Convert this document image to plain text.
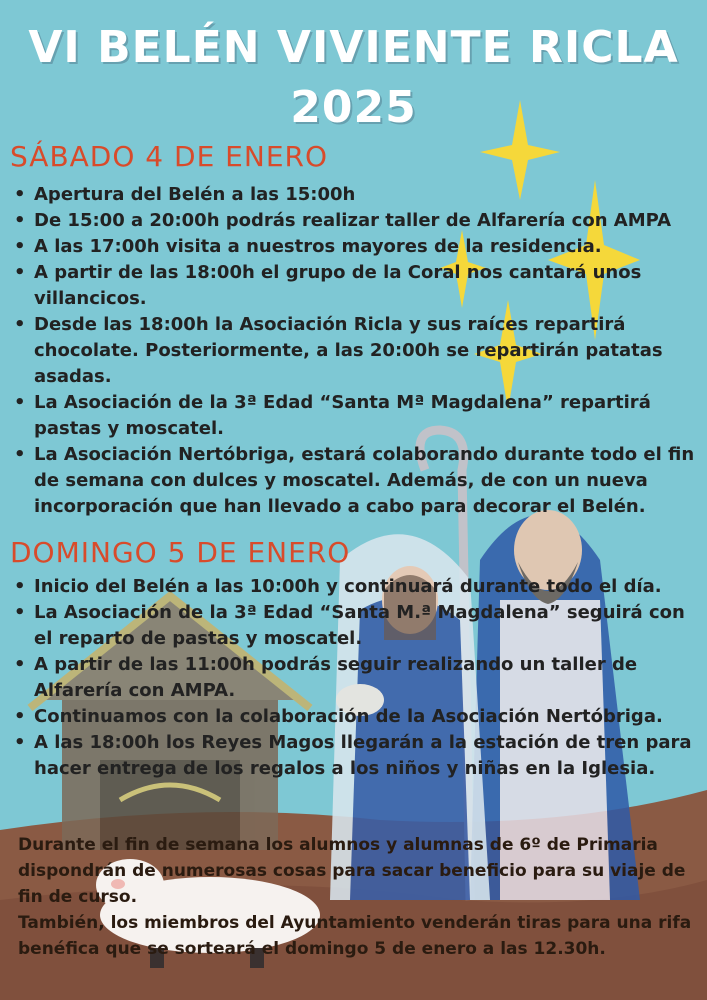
VI BELÉN VIVIENTE RICLA
2025
SÁBADO 4 DE ENERO
• Apertura del Belén a las 15:00h
• De 15:00 a 20:00h podrás realizar taller de Alfarería con AMPA
• A las 17:00h visita a nuestros mayores de la residencia.
• A partir de las 18:00h el grupo de la Coral nos cantará unos villancicos.
• Desde las 18:00h la Asociación Ricla y sus raíces repartirá chocolate. Posteriormente, a las 20:00h se repartirán patatas asadas.
• La Asociación de la 3ª Edad “Santa Mª Magdalena” repartirá pastas y moscatel.
• La Asociación Nertóbriga, estará colaborando durante todo el fin de semana con dulces y moscatel. Además, de con un nueva incorporación que han llevado a cabo para decorar el Belén.
DOMINGO 5 DE ENERO
• Inicio del Belén a las 10:00h y continuará durante todo el día.
• La Asociación de la 3ª Edad “Santa M.ª Magdalena” seguirá con el reparto de pastas y moscatel.
• A partir de las 11:00h podrás seguir realizando un taller de Alfarería con AMPA.
• Continuamos con la colaboración de la Asociación Nertóbriga.
• A las 18:00h los Reyes Magos llegarán a la estación de tren para hacer entrega de los regalos a los niños y niñas en la Iglesia.

Durante el fin de semana los alumnos y alumnas de 6º de Primaria dispondrán de numerosas cosas para sacar beneficio para su viaje de fin de curso.

También, los miembros del Ayuntamiento venderán tiras para una rifa benéfica que se sorteará el domingo 5 de enero a las 12.30h.
